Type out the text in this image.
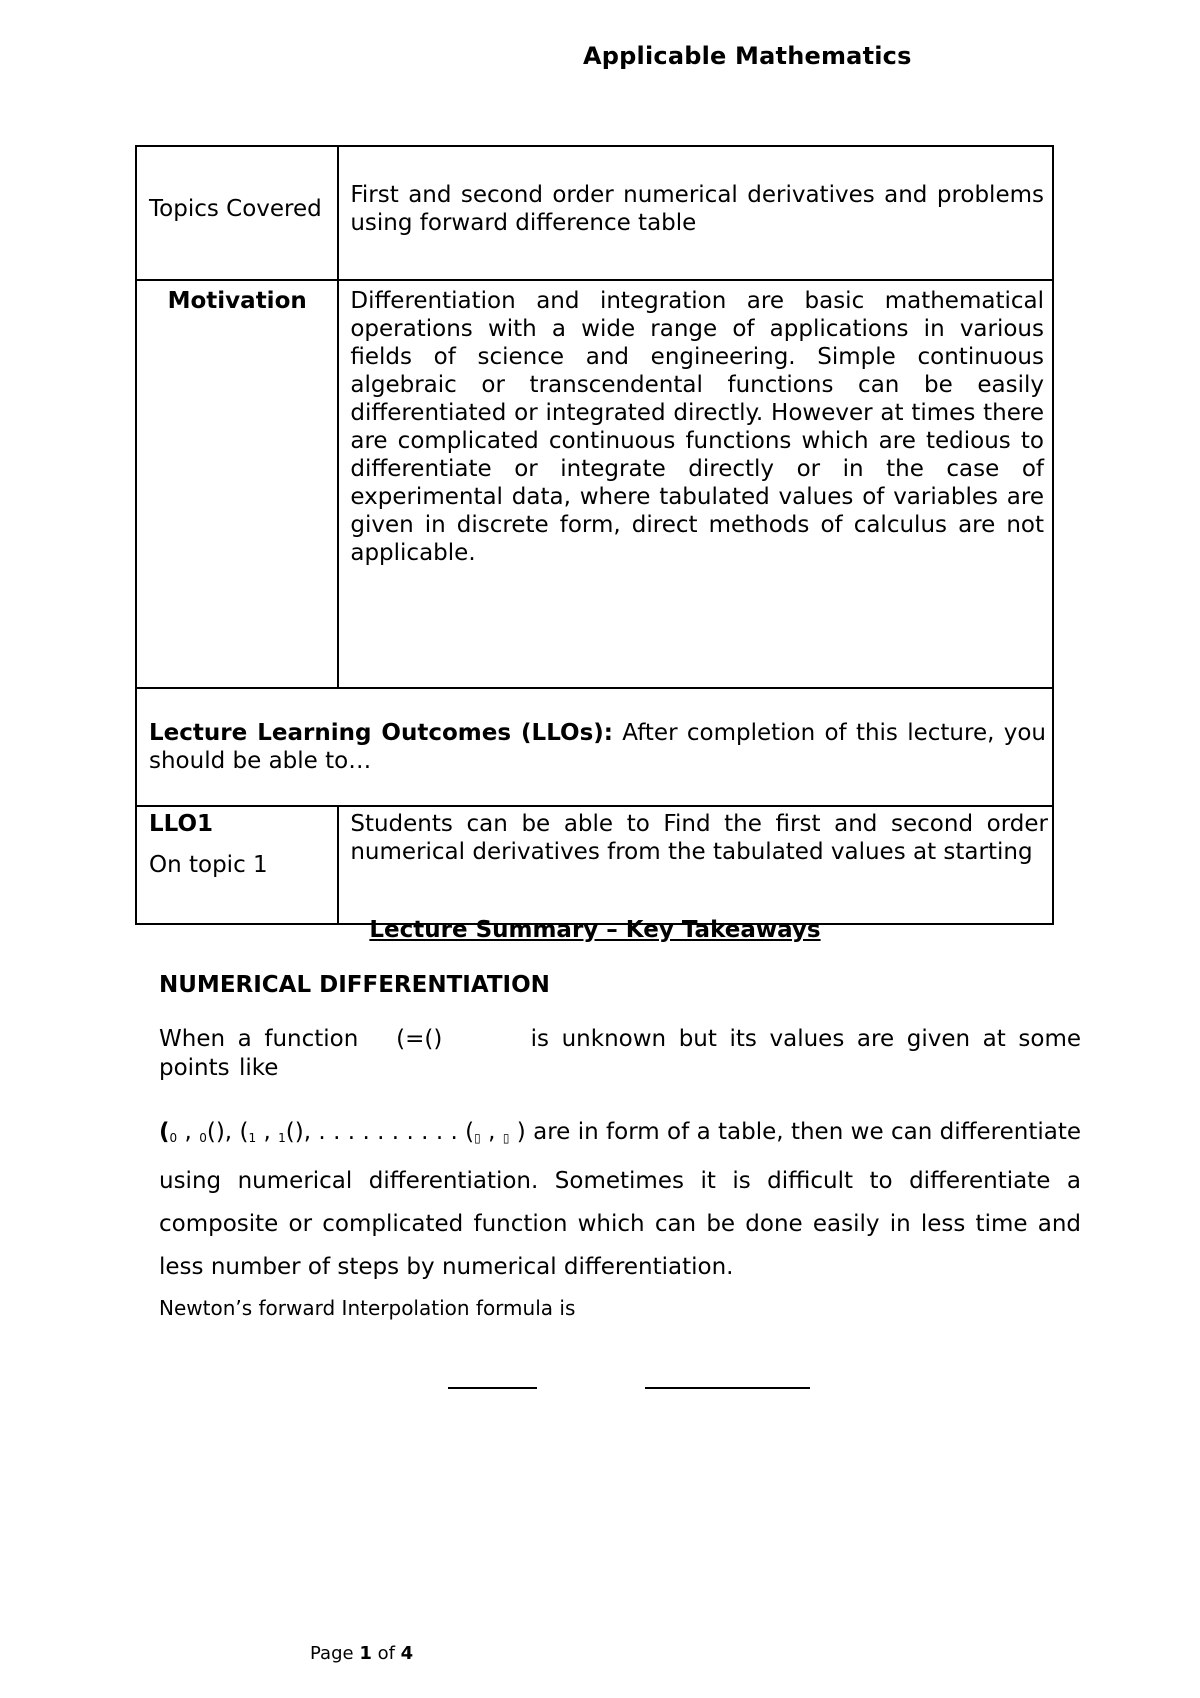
Applicable Mathematics
Topics Covered	First and second order numerical derivatives and problems using forward difference table

Motivation	Differentiation and integration are basic mathematical operations with a wide range of applications in various fields of science and engineering. Simple continuous algebraic or transcendental functions can be easily differentiated or integrated directly. However at times there are complicated continuous functions which are tedious to differentiate or integrate directly or in the case of experimental data, where tabulated values of variables are given in discrete form, direct methods of calculus are not applicable.

Lecture Learning Outcomes (LLOs): After completion of this lecture, you should be able to…	

LLO1
On topic 1	Students can be able to Find the first and second order numerical derivatives from the tabulated values at starting
Lecture Summary – Key Takeaways
NUMERICAL DIFFERENTIATION
When a function (=()	is unknown but its values are given at some points like
($_0$ , $_0$(), ($_1$ , $_1$(), . . . . . . . . . . ($_▯$ , $_▯$ ) are in form of a table, then we can differentiate using numerical differentiation. Sometimes it is difficult to differentiate a composite or complicated function which can be done easily in less time and less number of steps by numerical differentiation.
Newton’s forward Interpolation formula is
Page 1 of 4
